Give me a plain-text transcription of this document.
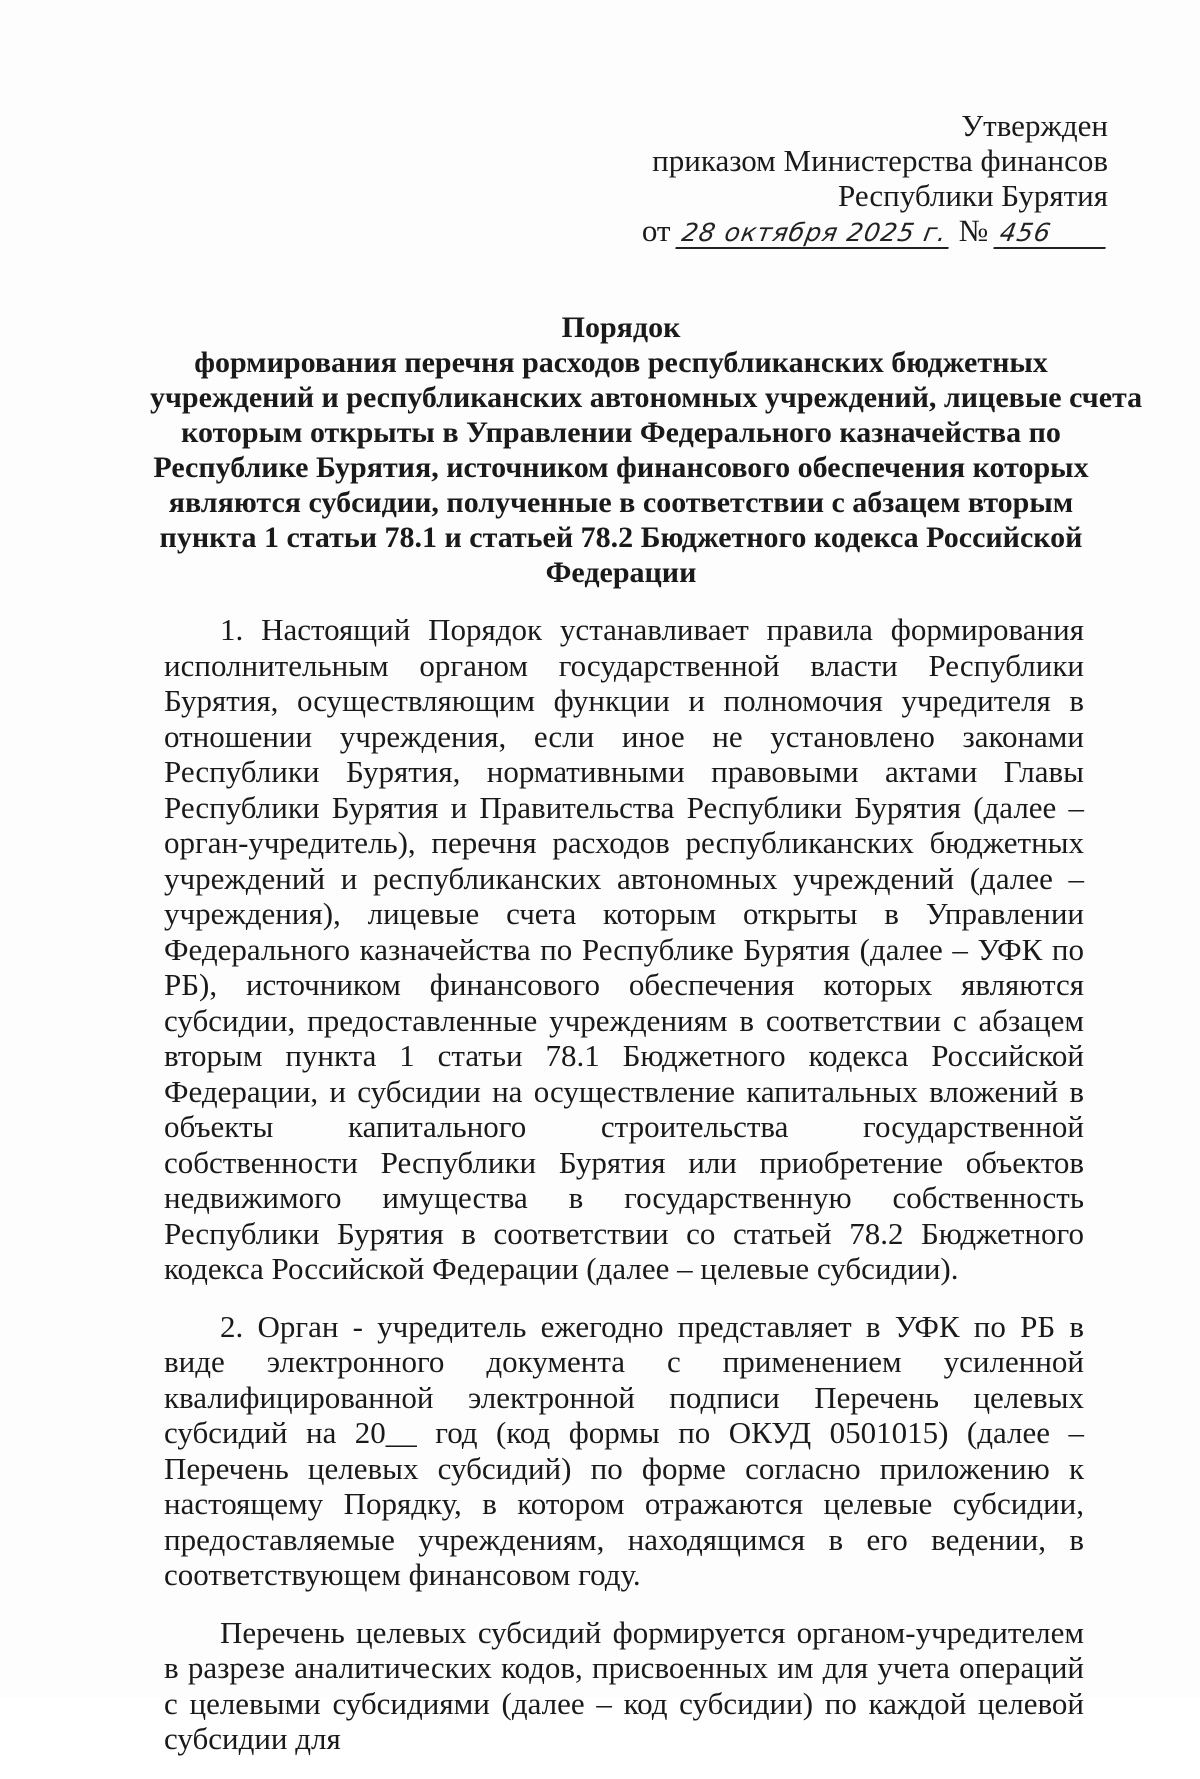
Утвержден
приказом Министерства финансов
Республики Бурятия
от 28 октября 2025 г. № 456
Порядок
формирования перечня расходов республиканских бюджетных
учреждений и республиканских автономных учреждений, лицевые счета
которым открыты в Управлении Федерального казначейства по
Республике Бурятия, источником финансового обеспечения которых
являются субсидии, полученные в соответствии с абзацем вторым
пункта 1 статьи 78.1 и статьей 78.2 Бюджетного кодекса Российской
Федерации

1. Настоящий Порядок устанавливает правила формирования исполнительным органом государственной власти Республики Бурятия, осуществляющим функции и полномочия учредителя в отношении учреждения, если иное не установлено законами Республики Бурятия, нормативными правовыми актами Главы Республики Бурятия и Правительства Республики Бурятия (далее – орган-учредитель), перечня расходов республиканских бюджетных учреждений и республиканских автономных учреждений (далее – учреждения), лицевые счета которым открыты в Управлении Федерального казначейства по Республике Бурятия (далее – УФК по РБ), источником финансового обеспечения которых являются субсидии, предоставленные учреждениям в соответствии с абзацем вторым пункта 1 статьи 78.1 Бюджетного кодекса Российской Федерации, и субсидии на осуществление капитальных вложений в объекты капитального строительства государственной собственности Республики Бурятия или приобретение объектов недвижимого имущества в государственную собственность Республики Бурятия в соответствии со статьей 78.2 Бюджетного кодекса Российской Федерации (далее – целевые субсидии).

2. Орган - учредитель ежегодно представляет в УФК по РБ в виде электронного документа с применением усиленной квалифицированной электронной подписи Перечень целевых субсидий на 20__ год (код формы по ОКУД 0501015) (далее – Перечень целевых субсидий) по форме согласно приложению к настоящему Порядку, в котором отражаются целевые субсидии, предоставляемые учреждениям, находящимся в его ведении, в соответствующем финансовом году.

Перечень целевых субсидий формируется органом-учредителем в разрезе аналитических кодов, присвоенных им для учета операций с целевыми субсидиями (далее – код субсидии) по каждой целевой субсидии для
